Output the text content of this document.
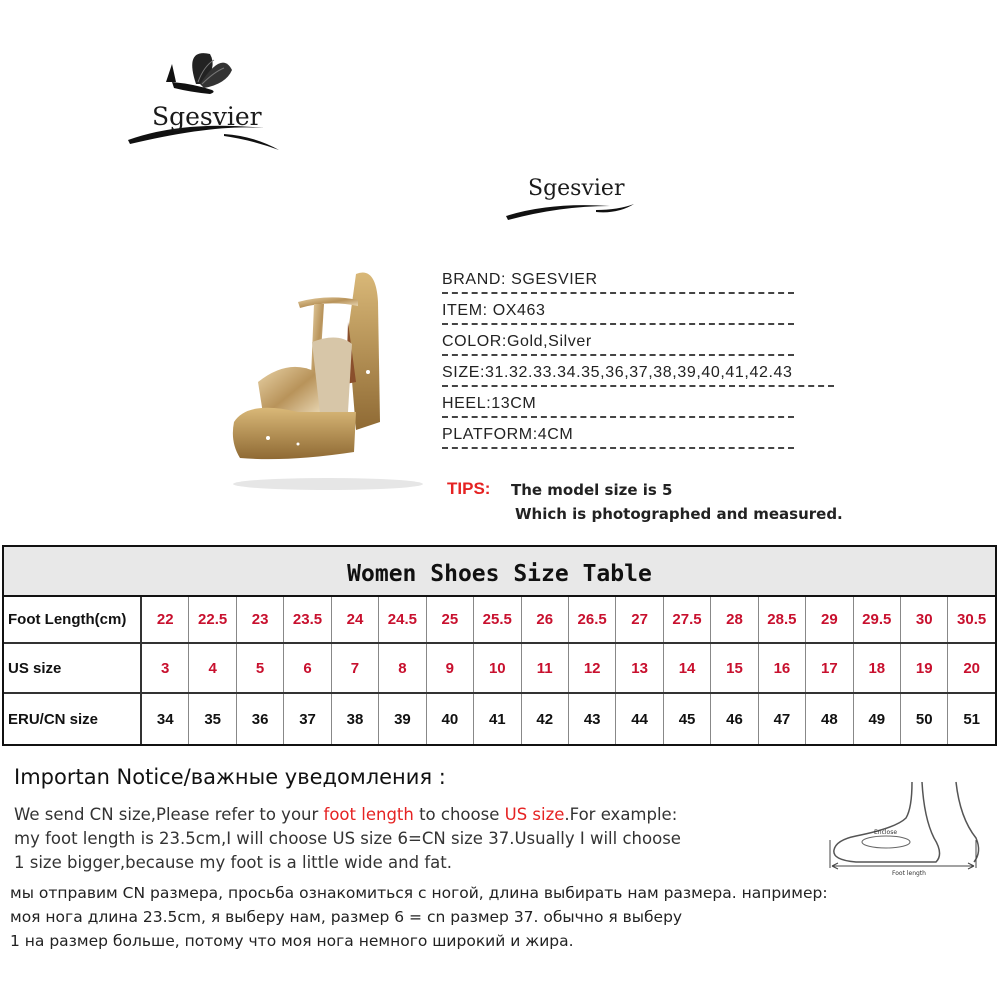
Sgesvier
Sgesvier
BRAND: SGESVIER
ITEM: OX463
COLOR:Gold,Silver
SIZE:31.32.33.34.35,36,37,38,39,40,41,42.43
HEEL:13CM
PLATFORM:4CM
TIPS: The model size is 5
Which is photographed and measured.
Women Shoes Size Table
Foot Length(cm)	22	22.5	23	23.5	24	24.5	25	25.5	26	26.5	27	27.5	28	28.5	29	29.5	30	30.5
US size	3	4	5	6	7	8	9	10	11	12	13	14	15	16	17	18	19	20
ERU/CN size	34	35	36	37	38	39	40	41	42	43	44	45	46	47	48	49	50	51
Importan Notice/важные уведомления :
We send CN size,Please refer to your foot length to choose US size.For example:
my foot length is 23.5cm,I will choose US size 6=CN size 37.Usually I will choose
1 size bigger,because my foot is a little wide and fat.
мы отправим CN размера, просьба ознакомиться с ногой, длина выбирать нам размера. например:
моя нога длина 23.5cm, я выберу нам, размер 6 = cn размер 37. обычно я выберу
1 на размер больше, потому что моя нога немного широкий и жира.
Enclose
Foot length
